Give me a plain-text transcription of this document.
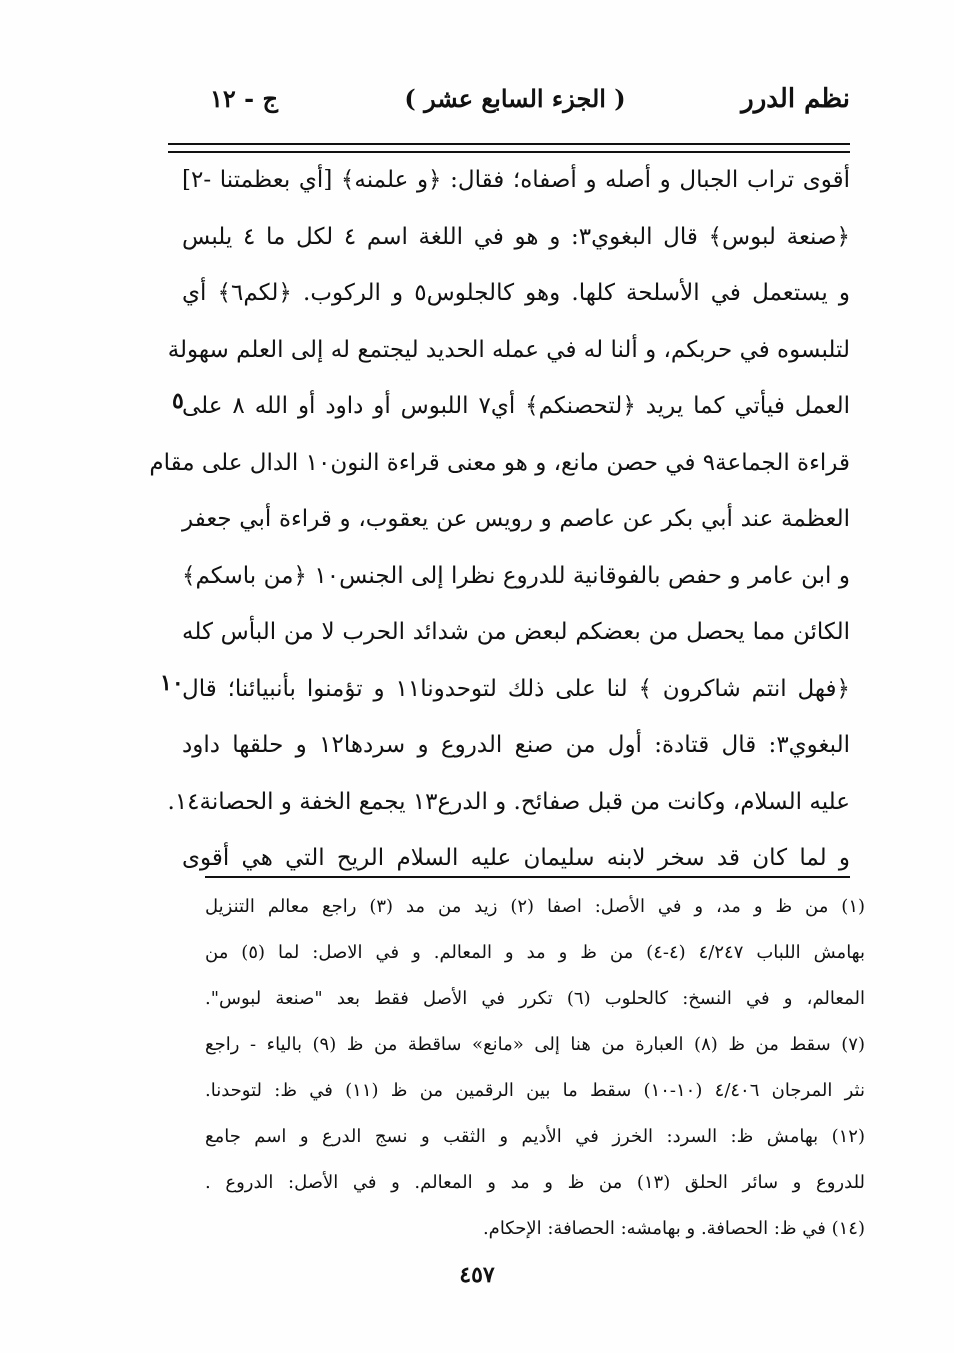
نظم الدرر
( الجزء السابع عشر )
ج - ١٢
أقوى تراب الجبال و أصله و أصفاه؛ فقال: ﴿و علمنه﴾ [أي بعظمتنا -٢]
﴿صنعة لبوس﴾ قال البغوي٣: و هو في اللغة اسم ٤ لكل ما ٤ يلبس
و يستعمل في الأسلحة كلها. وهو كالجلوس٥ و الركوب. ﴿لكم٦﴾ أي
لتلبسوه في حربكم، و ألنا له في عمله الحديد ليجتمع له إلى العلم سهولة
العمل فيأتي كما يريد ﴿لتحصنكم﴾ أي٧ اللبوس أو داود أو الله ٨ على
قراءة الجماعة٩ في حصن مانع، و هو معنى قراءة النون١٠ الدال على مقام
العظمة عند أبي بكر عن عاصم و رويس عن يعقوب، و قراءة أبي جعفر
و ابن عامر و حفص بالفوقانية للدروع نظرا إلى الجنس١٠ ﴿من باسكم﴾
الكائن مما يحصل من بعضكم لبعض من شدائد الحرب لا من البأس كله
﴿فهل انتم شاكرون ﴾ لنا على ذلك لتوحدونا١١ و تؤمنوا بأنبيائنا؛ قال
البغوي٣: قال قتادة: أول من صنع الدروع و سردها١٢ و حلقها داود
عليه السلام، وكانت من قبل صفائح. و الدرع١٣ يجمع الخفة و الحصانة١٤.
و لما كان قد سخر لابنه سليمان عليه السلام الريح التي هي أقوى
٥
١٠
(١) من ظ و مد، و في الأصل: اصفا (٢) زيد من مد (٣) راجع معالم التنزيل
بهامش اللباب ٤/٢٤٧ (٤-٤) من ظ و مد و المعالم. و في الاصل: لما (٥) من
المعالم، و في النسخ: كالحلوب (٦) تكرر في الأصل فقط بعد "صنعة لبوس".
(٧) سقط من ظ (٨) العبارة من هنا إلى «مانع» ساقطة من ظ (٩) بالياء - راجع
نثر المرجان ٤/٤٠٦ (١٠-١٠) سقط ما بين الرقمين من ظ (١١) في ظ: لتوحدنا.
(١٢) بهامش ظ: السرد: الخرز في الأديم و الثقب و نسج الدرع و اسم جامع
للدروع و سائر الحلق (١٣) من ظ و مد و المعالم. و في الأصل: الدروع .
(١٤) في ظ: الحصافة. و بهامشه: الحصافة: الإحكام.
٤٥٧
